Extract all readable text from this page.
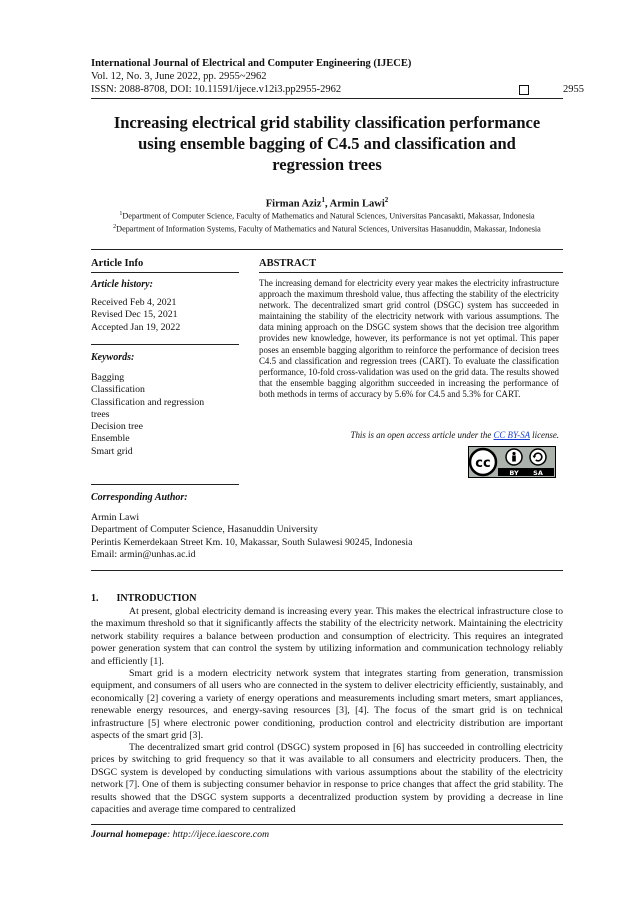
International Journal of Electrical and Computer Engineering (IJECE)
Vol. 12, No. 3, June 2022, pp. 2955~2962
ISSN: 2088-8708, DOI: 10.11591/ijece.v12i3.pp2955-2962	2955
Increasing electrical grid stability classification performance
using ensemble bagging of C4.5 and classification and
regression trees
Firman Aziz$^1$, Armin Lawi$^2$
$^1$Department of Computer Science, Faculty of Mathematics and Natural Sciences, Universitas Pancasakti, Makassar, Indonesia
$^2$Department of Information Systems, Faculty of Mathematics and Natural Sciences, Universitas Hasanuddin, Makassar, Indonesia
Article Info	ABSTRACT
Article history:
Received Feb 4, 2021
Revised Dec 15, 2021
Accepted Jan 19, 2022
Keywords:
Bagging
Classification
Classification and regression
trees
Decision tree
Ensemble
Smart grid
The increasing demand for electricity every year makes the electricity infrastructure approach the maximum threshold value, thus affecting the stability of the electricity network. The decentralized smart grid control (DSGC) system has succeeded in maintaining the stability of the electricity network with various assumptions. The data mining approach on the DSGC system shows that the decision tree algorithm provides new knowledge, however, its performance is not yet optimal. This paper poses an ensemble bagging algorithm to reinforce the performance of decision trees C4.5 and classification and regression trees (CART). To evaluate the classification performance, 10-fold cross-validation was used on the grid data. The results showed that the ensemble bagging algorithm succeeded in increasing the performance of both methods in terms of accuracy by 5.6% for C4.5 and 5.3% for CART.
This is an open access article under the CC BY-SA license.
cc
BY SA
Corresponding Author:
Armin Lawi
Department of Computer Science, Hasanuddin University
Perintis Kemerdekaan Street Km. 10, Makassar, South Sulawesi 90245, Indonesia
Email: armin@unhas.ac.id
1. INTRODUCTION
At present, global electricity demand is increasing every year. This makes the electrical infrastructure close to the maximum threshold so that it significantly affects the stability of the electricity network. Maintaining the electricity network stability requires a balance between production and consumption of electricity. This requires an integrated power generation system that can control the system by utilizing information and communication technology reliably and efficiently [1].
Smart grid is a modern electricity network system that integrates starting from generation, transmission equipment, and consumers of all users who are connected in the system to deliver electricity efficiently, sustainably, and economically [2] covering a variety of energy operations and measurements including smart meters, smart appliances, renewable energy resources, and energy-saving resources [3], [4]. The focus of the smart grid is on technical infrastructure [5] where electronic power conditioning, production control and electricity distribution are important aspects of the smart grid [3].
The decentralized smart grid control (DSGC) system proposed in [6] has succeeded in controlling electricity prices by switching to grid frequency so that it was available to all consumers and electricity producers. Then, the DSGC system is developed by conducting simulations with various assumptions about the stability of the electricity network [7]. One of them is subjecting consumer behavior in response to price changes that affect the grid stability. The results showed that the DSGC system supports a decentralized production system by providing a decrease in line capacities and average time compared to centralized
Journal homepage: http://ijece.iaescore.com
